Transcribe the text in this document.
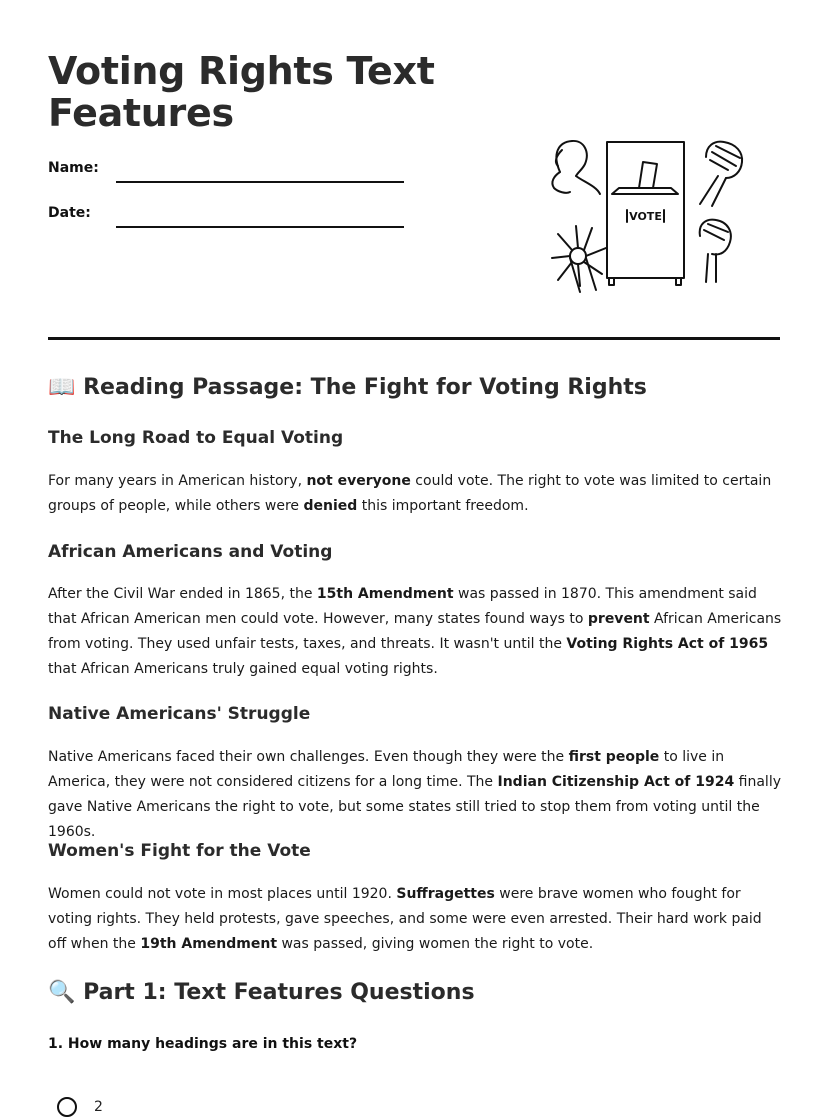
Voting Rights Text Features
Name:
Date:	VOTE
📖 Reading Passage: The Fight for Voting Rights
The Long Road to Equal Voting

For many years in American history, not everyone could vote. The right to vote was limited to certain groups of people, while others were denied this important freedom.

African Americans and Voting

After the Civil War ended in 1865, the 15th Amendment was passed in 1870. This amendment said that African American men could vote. However, many states found ways to prevent African Americans from voting. They used unfair tests, taxes, and threats. It wasn't until the Voting Rights Act of 1965 that African Americans truly gained equal voting rights.

Native Americans' Struggle

Native Americans faced their own challenges. Even though they were the first people to live in America, they were not considered citizens for a long time. The Indian Citizenship Act of 1924 finally gave Native Americans the right to vote, but some states still tried to stop them from voting until the 1960s.

Women's Fight for the Vote

Women could not vote in most places until 1920. Suffragettes were brave women who fought for voting rights. They held protests, gave speeches, and some were even arrested. Their hard work paid off when the 19th Amendment was passed, giving women the right to vote.

🔍 Part 1: Text Features Questions

1. How many headings are in this text?

2
